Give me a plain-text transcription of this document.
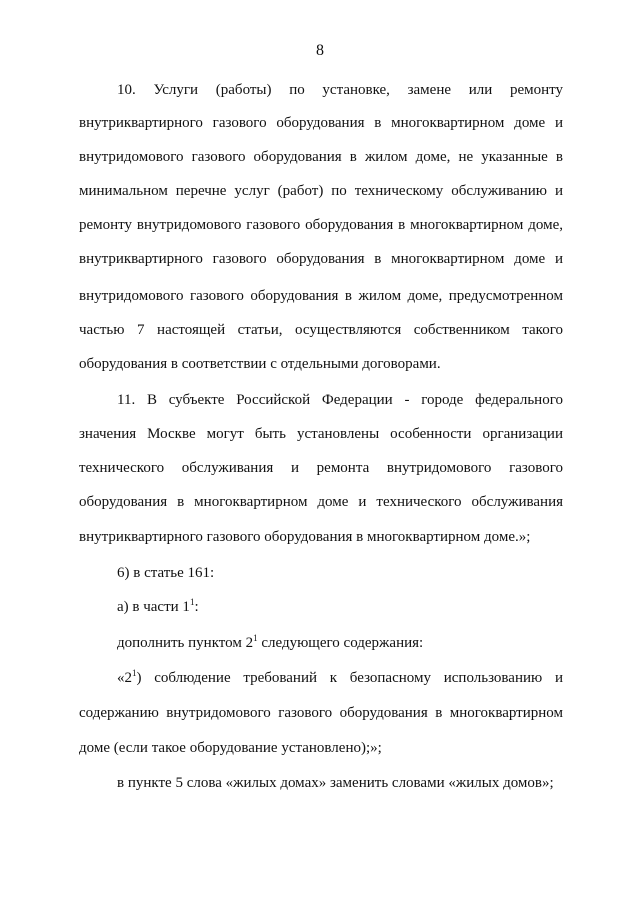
8
10. Услуги (работы) по установке, замене или ремонту
внутриквартирного газового оборудования в многоквартирном доме и
внутридомового газового оборудования в жилом доме, не указанные в
минимальном перечне услуг (работ) по техническому обслуживанию и
ремонту внутридомового газового оборудования в многоквартирном доме,
внутриквартирного газового оборудования в многоквартирном доме и
внутридомового газового оборудования в жилом доме, предусмотренном
частью 7 настоящей статьи, осуществляются собственником такого
оборудования в соответствии с отдельными договорами.
11. В субъекте Российской Федерации - городе федерального
значения Москве могут быть установлены особенности организации
технического обслуживания и ремонта внутридомового газового
оборудования в многоквартирном доме и технического обслуживания
внутриквартирного газового оборудования в многоквартирном доме.»;
6) в статье 161:
а) в части $1^1$:
дополнить пунктом $2^1$ следующего содержания:
«$2^1$) соблюдение требований к безопасному использованию и
содержанию внутридомового газового оборудования в многоквартирном
доме (если такое оборудование установлено);»;
в пункте 5 слова «жилых домах» заменить словами «жилых домов»;
